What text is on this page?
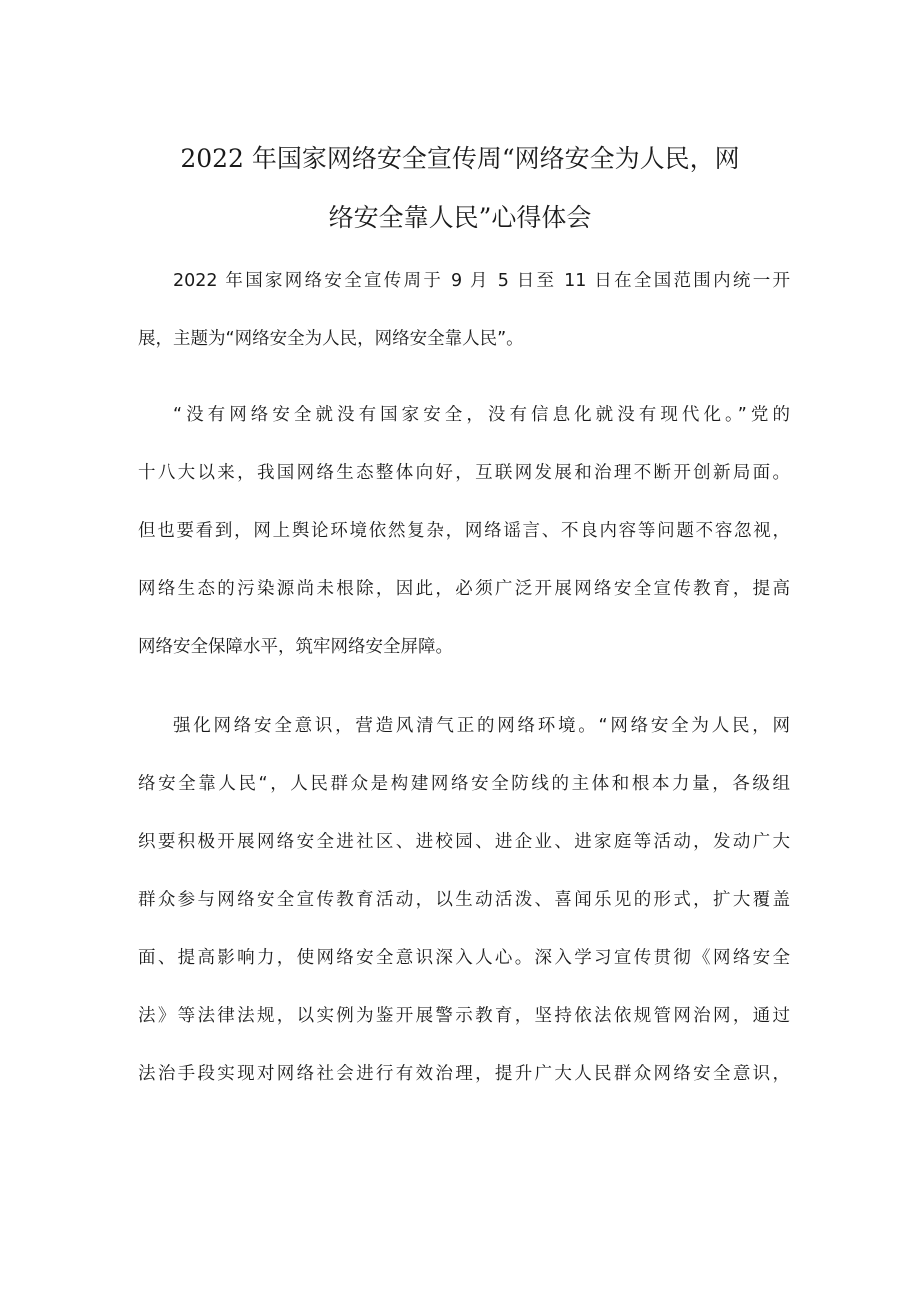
2022 年国家网络安全宣传周“网络安全为人民，网
络安全靠人民”心得体会
2022 年国家网络安全宣传周于 9 月 5 日至 11 日在全国范围内统一开
展，主题为“网络安全为人民，网络安全靠人民”。
“没有网络安全就没有国家安全，没有信息化就没有现代化。”党的
十八大以来，我国网络生态整体向好，互联网发展和治理不断开创新局面。
但也要看到，网上舆论环境依然复杂，网络谣言、不良内容等问题不容忽视，
网络生态的污染源尚未根除，因此，必须广泛开展网络安全宣传教育，提高
网络安全保障水平，筑牢网络安全屏障。
强化网络安全意识，营造风清气正的网络环境。“网络安全为人民，网
络安全靠人民“，人民群众是构建网络安全防线的主体和根本力量，各级组
织要积极开展网络安全进社区、进校园、进企业、进家庭等活动，发动广大
群众参与网络安全宣传教育活动，以生动活泼、喜闻乐见的形式，扩大覆盖
面、提高影响力，使网络安全意识深入人心。深入学习宣传贯彻《网络安全
法》等法律法规，以实例为鉴开展警示教育，坚持依法依规管网治网，通过
法治手段实现对网络社会进行有效治理，提升广大人民群众网络安全意识，
